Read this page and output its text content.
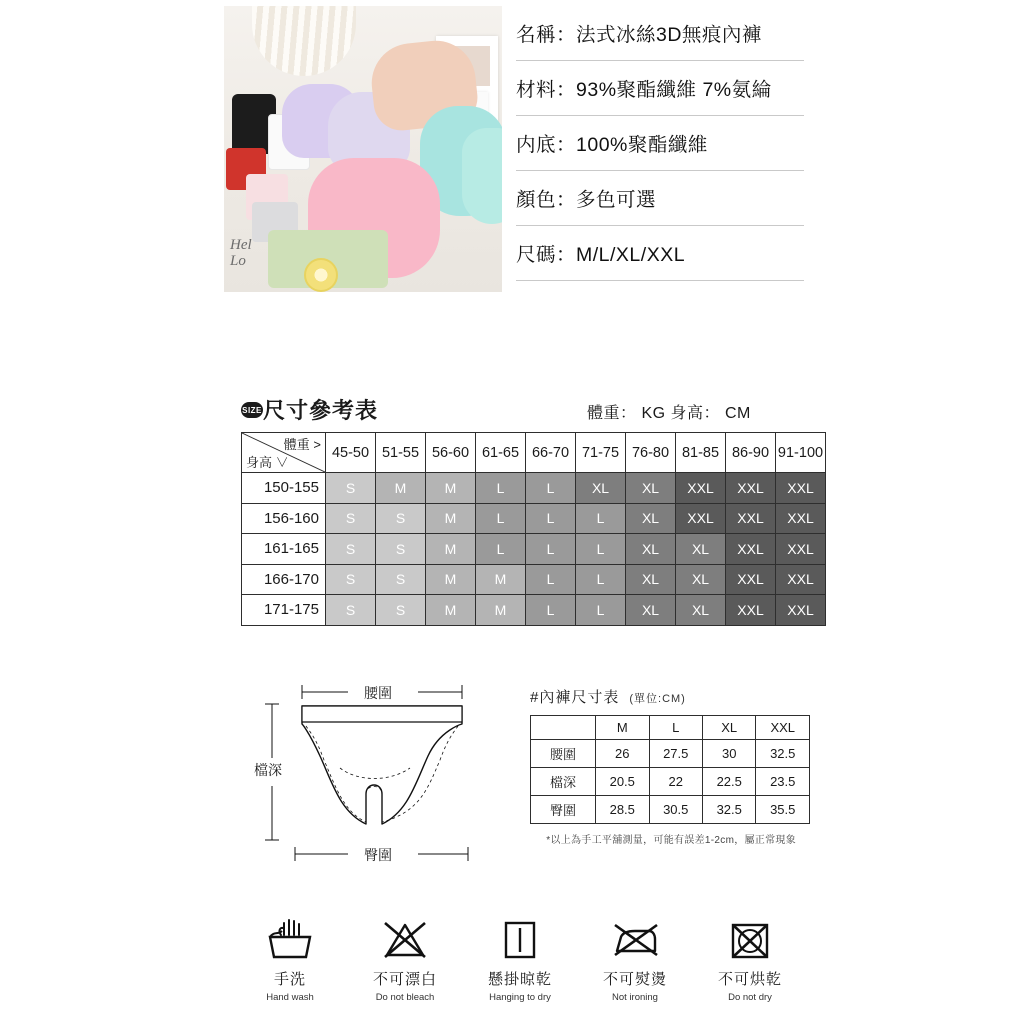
Hel
Lo
名稱：法式冰絲3D無痕內褲
材料：93%聚酯纖維 7%氨綸
内底：100%聚酯纖維
顏色：多色可選
尺碼：M/L/XL/XXL
SIZE 尺寸參考表	體重： KG 身高： CM
體重 >
身高 ∨	45-50	51-55	56-60	61-65	66-70	71-75	76-80	81-85	86-90	91-100
150-155	S	M	M	L	L	XL	XL	XXL	XXL	XXL
156-160	S	S	M	L	L	L	XL	XXL	XXL	XXL
161-165	S	S	M	L	L	L	XL	XL	XXL	XXL
166-170	S	S	M	M	L	L	XL	XL	XXL	XXL
171-175	S	S	M	M	L	L	XL	XL	XXL	XXL
腰圍
臀圍
檔深
#內褲尺寸表 (單位:CM)
	M	L	XL	XXL
腰圍	26	27.5	30	32.5
檔深	20.5	22	22.5	23.5
臀圍	28.5	30.5	32.5	35.5
*以上為手工平舖測量，可能有誤差1-2cm，屬正常現象
手洗
Hand wash
不可漂白
Do not bleach
懸掛晾乾
Hanging to dry
不可熨燙
Not ironing
不可烘乾
Do not dry
